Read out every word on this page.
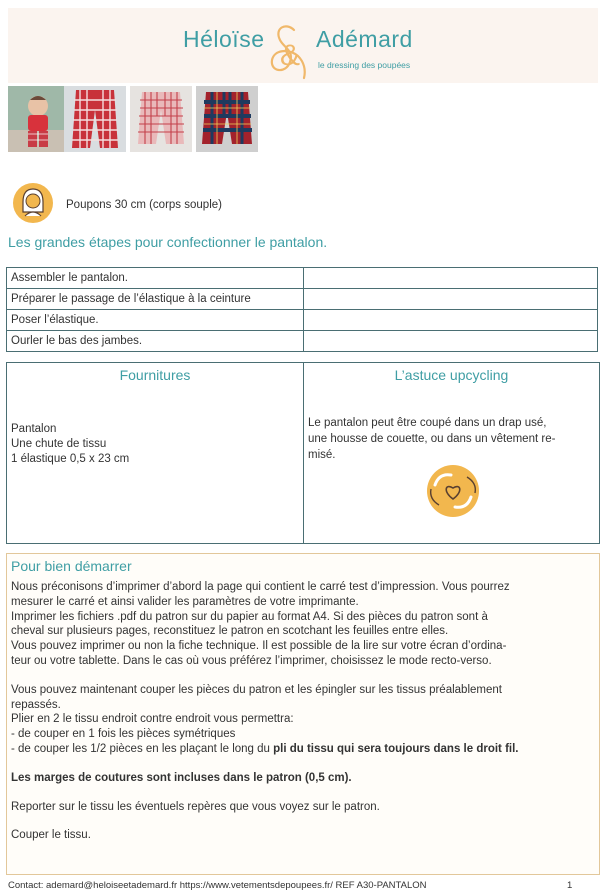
Héloïse & Adémard
le dressing des poupées
Poupons 30 cm (corps souple)
Les grandes étapes pour confectionner le pantalon.
Assembler le pantalon.	
Préparer le passage de l’élastique à la ceinture	
Poser l’élastique.	
Ourler le bas des jambes.	
Fournitures
Pantalon
Une chute de tissu
1 élastique 0,5 x 23 cm
L’astuce upcycling
Le pantalon peut être coupé dans un drap usé,
une housse de couette, ou dans un vêtement re-
misé.
Pour bien démarrer

Nous préconisons d’imprimer d’abord la page qui contient le carré test d’impression. Vous pourrez

mesurer le carré et ainsi valider les paramètres de votre imprimante.

Imprimer les fichiers .pdf du patron sur du papier au format A4. Si des pièces du patron sont à

cheval sur plusieurs pages, reconstituez le patron en scotchant les feuilles entre elles.

Vous pouvez imprimer ou non la fiche technique. Il est possible de la lire sur votre écran d’ordina-

teur ou votre tablette. Dans le cas où vous préférez l’imprimer, choisissez le mode recto-verso.

Vous pouvez maintenant couper les pièces du patron et les épingler sur les tissus préalablement

repassés.

Plier en 2 le tissu endroit contre endroit vous permettra:

- de couper en 1 fois les pièces symétriques

- de couper les 1/2 pièces en les plaçant le long du pli du tissu qui sera toujours dans le droit fil.

Les marges de coutures sont incluses dans le patron (0,5 cm).

Reporter sur le tissu les éventuels repères que vous voyez sur le patron.

Couper le tissu.

Contact: ademard@heloiseetademard.fr https://www.vetementsdepoupees.fr/ REF A30-PANTALON	1
